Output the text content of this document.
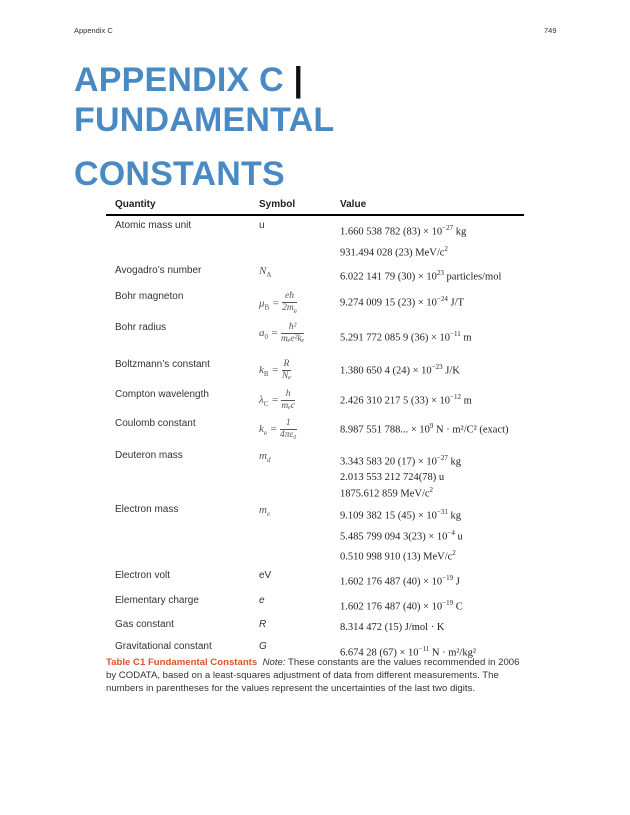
Appendix C	749
APPENDIX C |
FUNDAMENTAL
CONSTANTS
Quantity	Symbol	Value
Atomic mass unit	u	1.660 538 782 $(83) \times 10^{-27}$ kg
931.494 028 (23) MeV/$c^2$

Avogadro’s number	$N_A$	6.022 141 79 $(30) \times 10^{23}$ particles/mol

Bohr magneton	$\mu_B = \frac{eħ}{2m_e}$	9.274 009 15 $(23) \times 10^{-24}$ J/T

Bohr radius	$a_0 = \frac{\text{ħ²}}{\text{mₑe²kₑ}}$	5.291 772 085 9 $(36) \times 10^{-11}$ m

Boltzmann’s constant	$k_B = \frac{R}{\text{Nₐ}}$	1.380 650 4 $(24) \times 10^{-23}$ J/K

Compton wavelength	$\lambda_C = \frac{h}{\text{mₑc}}$	2.426 310 217 5 $(33) \times 10^{-12}$ m

Coulomb constant	$k_e = \frac{1}{\text{4πε₀}}$	8.987 551 788... × $10^9$ N · m²/C² (exact)

Deuteron mass	$m_d$	3.343 583 20 $(17) \times 10^{-27}$ kg
2.013 553 212 724(78) u
1875.612 859 MeV/$c^2$

Electron mass	$m_e$	9.109 382 15 $(45) \times 10^{-31}$ kg
5.485 799 094 $3(23) \times 10^{-4}$ u
0.510 998 910 (13) MeV/$c^2$

Electron volt	eV	1.602 176 487 $(40) \times 10^{-19}$ J

Elementary charge	e	1.602 176 487 $(40) \times 10^{-19}$ C

Gas constant	R	8.314 472 (15) J/mol · K

Gravitational constant	G	6.674 28 $(67) \times 10^{-11}$ N · m²/kg²
Table C1 Fundamental Constants Note: These constants are the values recommended in 2006 by CODATA, based on a least-squares adjustment of data from different measurements. The numbers in parentheses for the values represent the uncertainties of the last two digits.
